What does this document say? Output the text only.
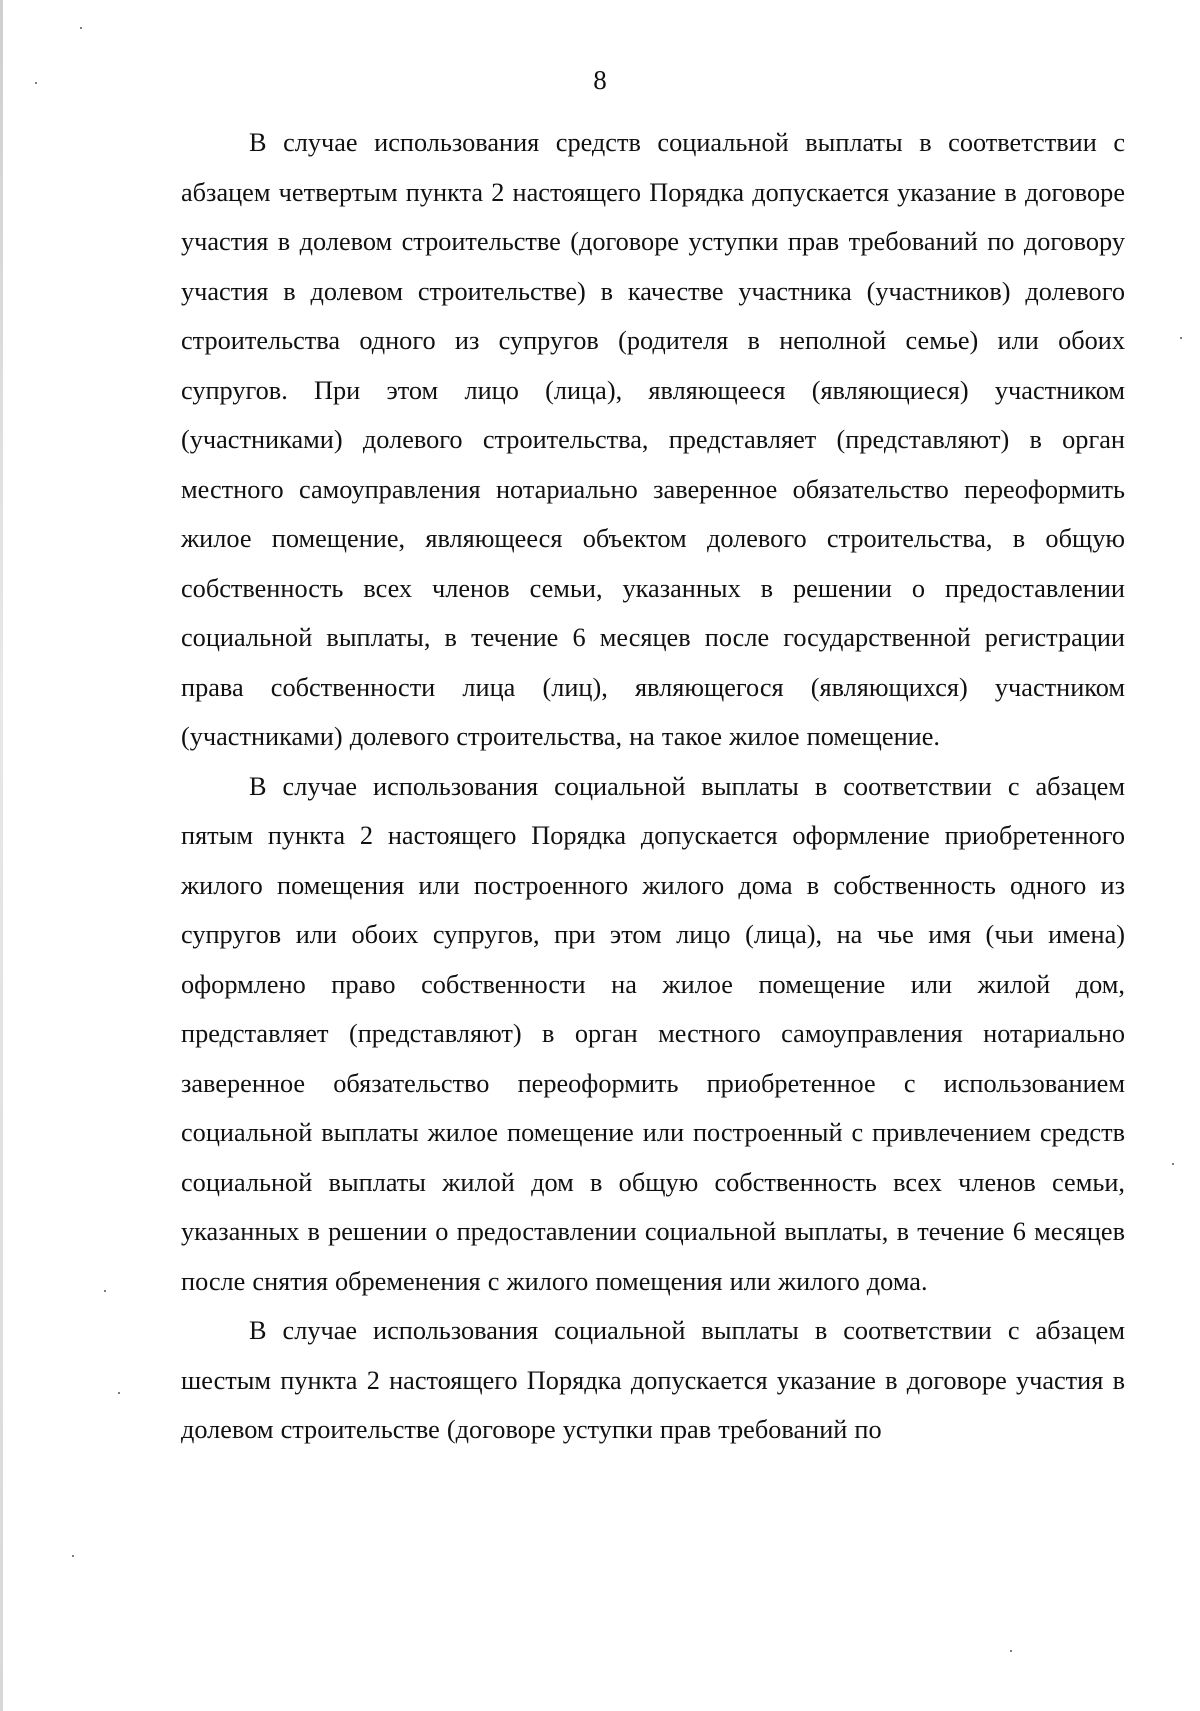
8

В случае использования средств социальной выплаты в соответствии с абзацем четвертым пункта 2 настоящего Порядка допускается указание в договоре участия в долевом строительстве (договоре уступки прав требований по договору участия в долевом строительстве) в качестве участника (участников) долевого строительства одного из супругов (родителя в неполной семье) или обоих супругов. При этом лицо (лица), являющееся (являющиеся) участником (участниками) долевого строительства, представляет (представляют) в орган местного самоуправления нотариально заверенное обязательство переоформить жилое помещение, являющееся объектом долевого строительства, в общую собственность всех членов семьи, указанных в решении о предоставлении социальной выплаты, в течение 6 месяцев после государственной регистрации права собственности лица (лиц), являющегося (являющихся) участником (участниками) долевого строительства, на такое жилое помещение.

В случае использования социальной выплаты в соответствии с абзацем пятым пункта 2 настоящего Порядка допускается оформление приобретенного жилого помещения или построенного жилого дома в собственность одного из супругов или обоих супругов, при этом лицо (лица), на чье имя (чьи имена) оформлено право собственности на жилое помещение или жилой дом, представляет (представляют) в орган местного самоуправления нотариально заверенное обязательство переоформить приобретенное с использованием социальной выплаты жилое помещение или построенный с привлечением средств социальной выплаты жилой дом в общую собственность всех членов семьи, указанных в решении о предоставлении социальной выплаты, в течение 6 месяцев после снятия обременения с жилого помещения или жилого дома.

В случае использования социальной выплаты в соответствии с абзацем шестым пункта 2 настоящего Порядка допускается указание в договоре участия в долевом строительстве (договоре уступки прав требований по
